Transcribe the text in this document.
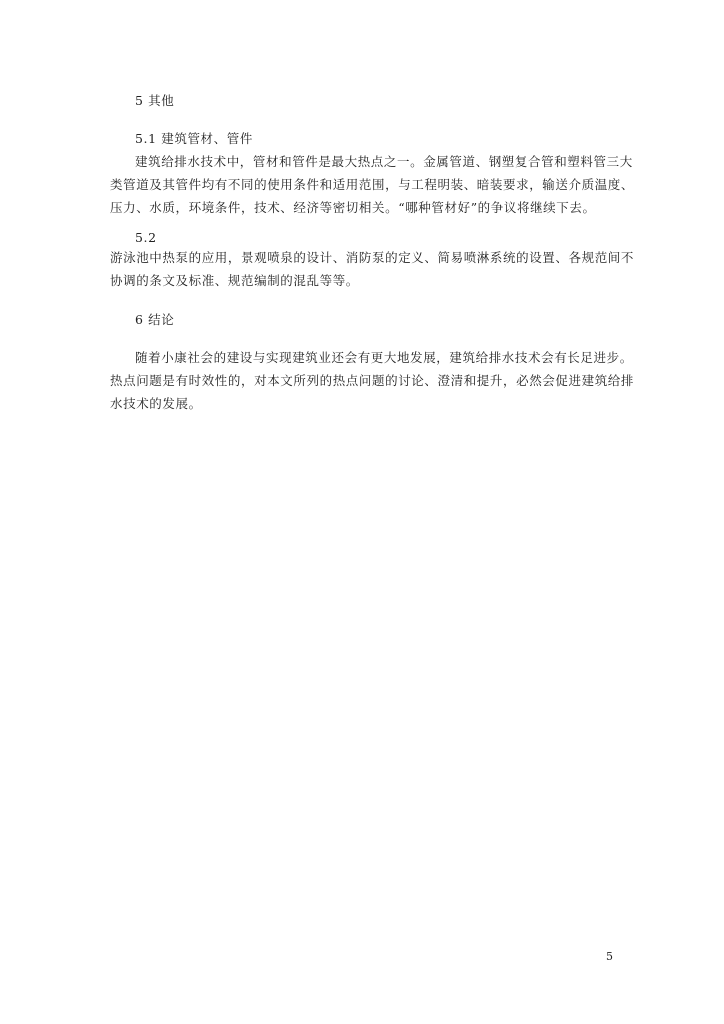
5 其他

5.1 建筑管材、管件

建筑给排水技术中，管材和管件是最大热点之一。金属管道、钢塑复合管和塑料管三大
类管道及其管件均有不同的使用条件和适用范围，与工程明装、暗装要求，输送介质温度、
压力、水质，环境条件，技术、经济等密切相关。“哪种管材好”的争议将继续下去。

5.2

游泳池中热泵的应用，景观喷泉的设计、消防泵的定义、简易喷淋系统的设置、各规范间不
协调的条文及标准、规范编制的混乱等等。

6 结论

随着小康社会的建设与实现建筑业还会有更大地发展，建筑给排水技术会有长足进步。
热点问题是有时效性的，对本文所列的热点问题的讨论、澄清和提升，必然会促进建筑给排
水技术的发展。
5
